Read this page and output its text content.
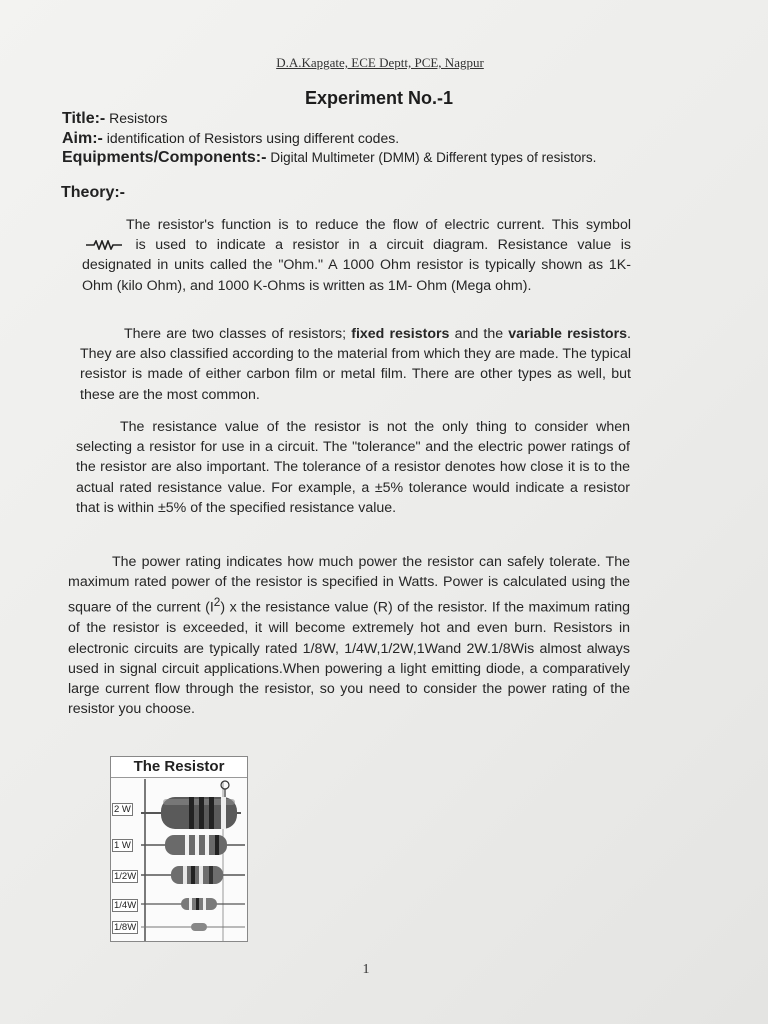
D.A.Kapgate, ECE Deptt, PCE, Nagpur
Experiment No.-1
Title:- Resistors
Aim:- identification of Resistors using different codes.
Equipments/Components:- Digital Multimeter (DMM) & Different types of resistors.
Theory:-
The resistor's function is to reduce the flow of electric current. This symbol  is used to indicate a resistor in a circuit diagram. Resistance value is designated in units called the "Ohm." A 1000 Ohm resistor is typically shown as 1K-Ohm (kilo Ohm), and 1000 K-Ohms is written as 1M- Ohm (Mega ohm).
There are two classes of resistors; fixed resistors and the variable resistors. They are also classified according to the material from which they are made. The typical resistor is made of either carbon film or metal film. There are other types as well, but these are the most common.
The resistance value of the resistor is not the only thing to consider when selecting a resistor for use in a circuit. The "tolerance" and the electric power ratings of the resistor are also important. The tolerance of a resistor denotes how close it is to the actual rated resistance value. For example, a ±5% tolerance would indicate a resistor that is within ±5% of the specified resistance value.
The power rating indicates how much power the resistor can safely tolerate. The maximum rated power of the resistor is specified in Watts. Power is calculated using the square of the current $(I^2)$ x the resistance value (R) of the resistor. If the maximum rating of the resistor is exceeded, it will become extremely hot and even burn. Resistors in electronic circuits are typically rated 1/8W, 1/4W,1/2W,1Wand 2W.1/8Wis almost always used in signal circuit applications.When powering a light emitting diode, a comparatively large current flow through the resistor, so you need to consider the power rating of the resistor you choose.
The Resistor
2 W
1 W
1/2W
1/4W
1/8W
1
